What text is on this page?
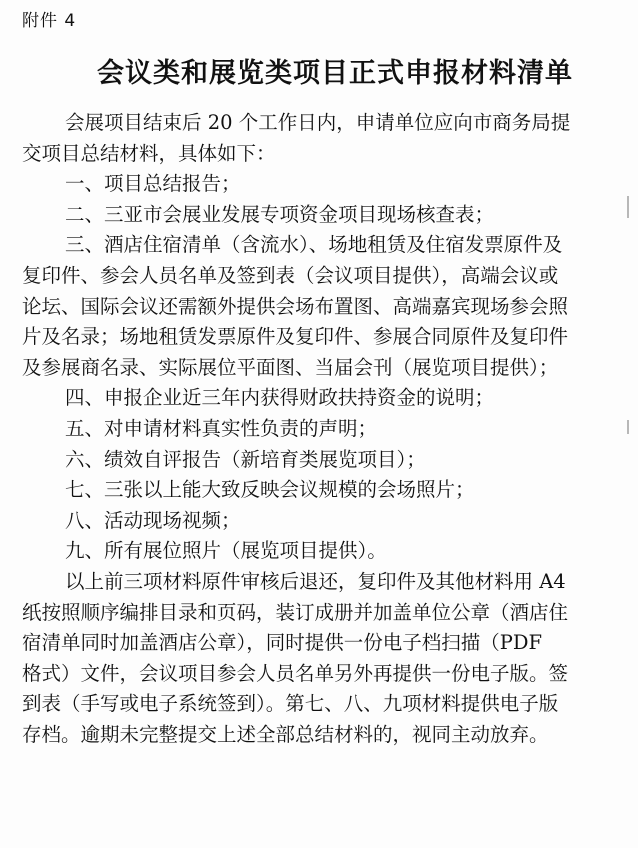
附件 4
会议类和展览类项目正式申报材料清单

会展项目结束后 20 个工作日内，申请单位应向市商务局提

交项目总结材料，具体如下：

一、项目总结报告；

二、三亚市会展业发展专项资金项目现场核查表；

三、酒店住宿清单（含流水）、场地租赁及住宿发票原件及

复印件、参会人员名单及签到表（会议项目提供），高端会议或

论坛、国际会议还需额外提供会场布置图、高端嘉宾现场参会照

片及名录；场地租赁发票原件及复印件、参展合同原件及复印件

及参展商名录、实际展位平面图、当届会刊（展览项目提供）；

四、申报企业近三年内获得财政扶持资金的说明；

五、对申请材料真实性负责的声明；

六、绩效自评报告（新培育类展览项目）；

七、三张以上能大致反映会议规模的会场照片；

八、活动现场视频；

九、所有展位照片（展览项目提供）。

以上前三项材料原件审核后退还，复印件及其他材料用 A4

纸按照顺序编排目录和页码，装订成册并加盖单位公章（酒店住

宿清单同时加盖酒店公章），同时提供一份电子档扫描（PDF

格式）文件，会议项目参会人员名单另外再提供一份电子版。签

到表（手写或电子系统签到）。第七、八、九项材料提供电子版

存档。逾期未完整提交上述全部总结材料的，视同主动放弃。
